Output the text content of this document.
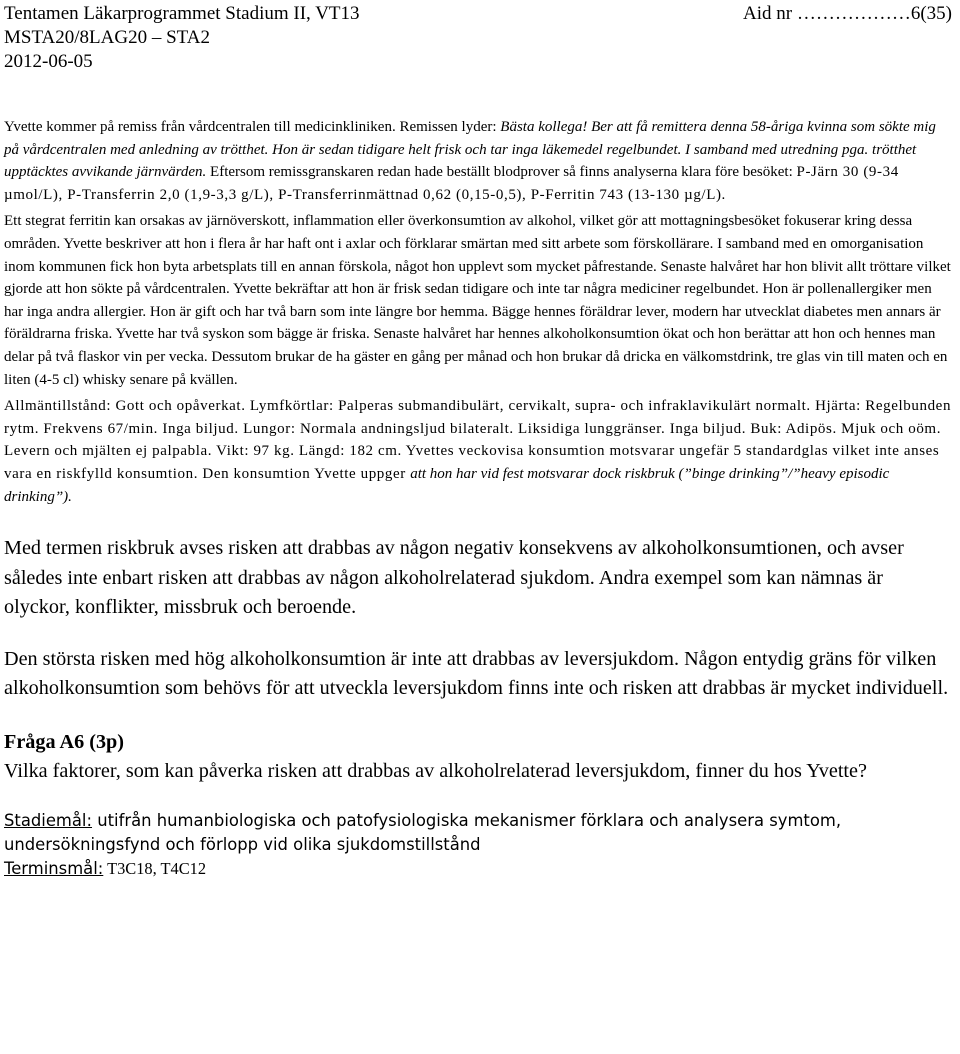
Tentamen Läkarprogrammet Stadium II, VT13
MSTA20/8LAG20 – STA2
2012-06-05
Aid nr ………………6(35)

Yvette kommer på remiss från vårdcentralen till medicinkliniken. Remissen lyder: Bästa kollega! Ber att få remittera denna 58-åriga kvinna som sökte mig på vårdcentralen med anledning av trötthet. Hon är sedan tidigare helt frisk och tar inga läkemedel regelbundet. I samband med utredning pga. trötthet upptäcktes avvikande järnvärden. Eftersom remissgranskaren redan hade beställt blodprover så finns analyserna klara före besöket: P-Järn 30 (9-34 µmol/L), P-Transferrin 2,0 (1,9-3,3 g/L), P-Transferrinmättnad 0,62 (0,15-0,5), P-Ferritin 743 (13-130 µg/L).

Ett stegrat ferritin kan orsakas av järnöverskott, inflammation eller överkonsumtion av alkohol, vilket gör att mottagningsbesöket fokuserar kring dessa områden. Yvette beskriver att hon i flera år har haft ont i axlar och förklarar smärtan med sitt arbete som förskollärare. I samband med en omorganisation inom kommunen fick hon byta arbetsplats till en annan förskola, något hon upplevt som mycket påfrestande. Senaste halvåret har hon blivit allt tröttare vilket gjorde att hon sökte på vårdcentralen. Yvette bekräftar att hon är frisk sedan tidigare och inte tar några mediciner regelbundet. Hon är pollenallergiker men har inga andra allergier. Hon är gift och har två barn som inte längre bor hemma. Bägge hennes föräldrar lever, modern har utvecklat diabetes men annars är föräldrarna friska. Yvette har två syskon som bägge är friska. Senaste halvåret har hennes alkoholkonsumtion ökat och hon berättar att hon och hennes man delar på två flaskor vin per vecka. Dessutom brukar de ha gäster en gång per månad och hon brukar då dricka en välkomstdrink, tre glas vin till maten och en liten (4-5 cl) whisky senare på kvällen.

Allmäntillstånd: Gott och opåverkat. Lymfkörtlar: Palperas submandibulärt, cervikalt, supra- och infraklavikulärt normalt. Hjärta: Regelbunden rytm. Frekvens 67/min. Inga biljud. Lungor: Normala andningsljud bilateralt. Liksidiga lunggränser. Inga biljud. Buk: Adipös. Mjuk och oöm. Levern och mjälten ej palpabla. Vikt: 97 kg. Längd: 182 cm. Yvettes veckovisa konsumtion motsvarar ungefär 5 standardglas vilket inte anses vara en riskfylld konsumtion. Den konsumtion Yvette uppger att hon har vid fest motsvarar dock riskbruk (”binge drinking”/”heavy episodic drinking”).

Med termen riskbruk avses risken att drabbas av någon negativ konsekvens av alkoholkonsumtionen, och avser således inte enbart risken att drabbas av någon alkoholrelaterad sjukdom. Andra exempel som kan nämnas är olyckor, konflikter, missbruk och beroende.

Den största risken med hög alkoholkonsumtion är inte att drabbas av leversjukdom. Någon entydig gräns för vilken alkoholkonsumtion som behövs för att utveckla leversjukdom finns inte och risken att drabbas är mycket individuell.

Fråga A6 (3p)
Vilka faktorer, som kan påverka risken att drabbas av alkoholrelaterad leversjukdom, finner du hos Yvette?
Stadiemål: utifrån humanbiologiska och patofysiologiska mekanismer förklara och analysera symtom, undersökningsfynd och förlopp vid olika sjukdomstillstånd
Terminsmål: T3C18, T4C12
